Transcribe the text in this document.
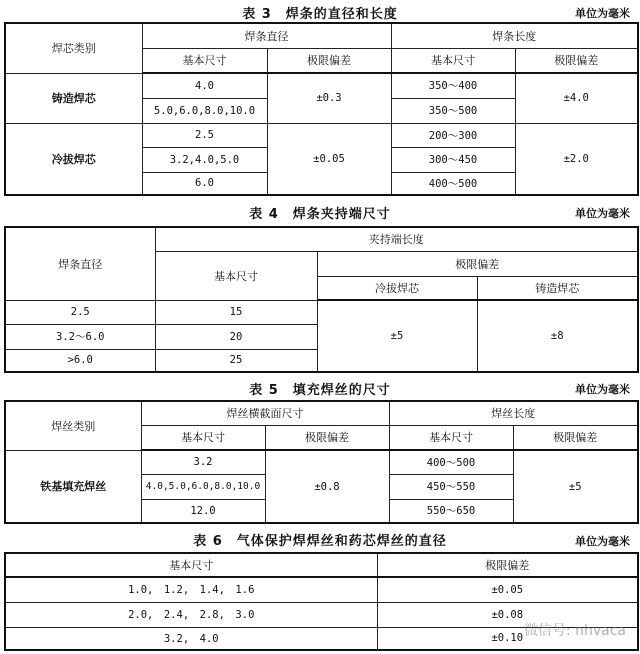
表 3　焊条的直径和长度	单位为毫米
焊芯类别	焊条直径		焊条长度	
	基本尺寸	极限偏差	基本尺寸	极限偏差
铸造焊芯	4.0	±0.3	350～400	±4.0
	5.0,6.0,8.0,10.0		350～500	
冷拔焊芯	2.5	±0.05	200～300	±2.0
	3.2,4.0,5.0		300～450	
	6.0		400～500	
表 4　焊条夹持端尺寸	单位为毫米
焊条直径	夹持端长度		
	基本尺寸	极限偏差	
		冷拔焊芯	铸造焊芯
2.5	15	±5	±8
3.2～6.0	20		
>6.0	25		
表 5　填充焊丝的尺寸	单位为毫米
焊丝类别	焊丝横截面尺寸		焊丝长度	
	基本尺寸	极限偏差	基本尺寸	极限偏差
铁基填充焊丝	3.2	±0.8	400～500	±5
	4.0,5.0,6.0,8.0,10.0		450～550	
	12.0		550～650	
表 6　气体保护焊焊丝和药芯焊丝的直径	单位为毫米
基本尺寸	极限偏差
1.0,　1.2,　1.4,　1.6	±0.05
2.0,　2.4,　2.8,　3.0	±0.08
3.2,　4.0	±0.10 微信号: nhvaca
